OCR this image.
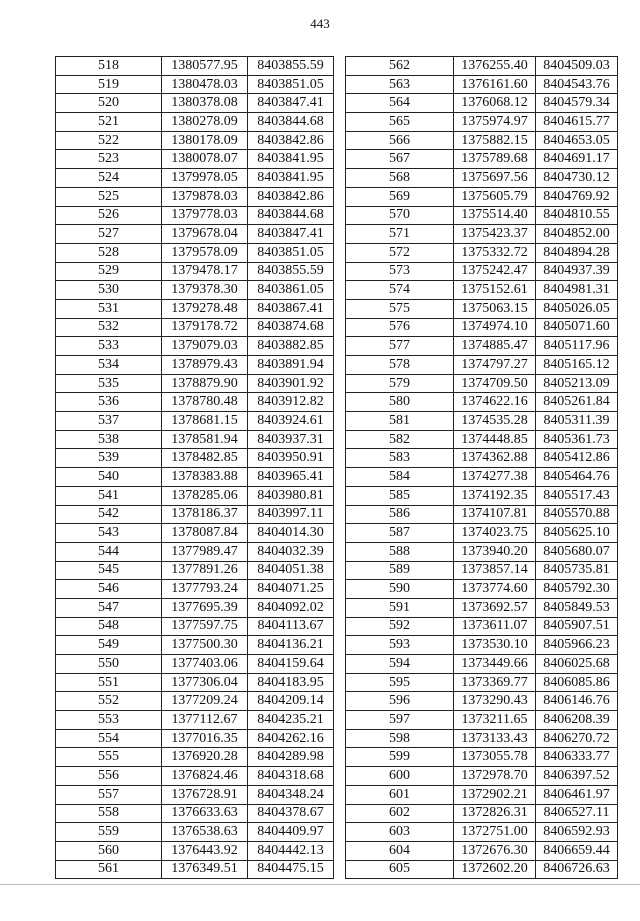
443
518	1380577.95	8403855.59
519	1380478.03	8403851.05
520	1380378.08	8403847.41
521	1380278.09	8403844.68
522	1380178.09	8403842.86
523	1380078.07	8403841.95
524	1379978.05	8403841.95
525	1379878.03	8403842.86
526	1379778.03	8403844.68
527	1379678.04	8403847.41
528	1379578.09	8403851.05
529	1379478.17	8403855.59
530	1379378.30	8403861.05
531	1379278.48	8403867.41
532	1379178.72	8403874.68
533	1379079.03	8403882.85
534	1378979.43	8403891.94
535	1378879.90	8403901.92
536	1378780.48	8403912.82
537	1378681.15	8403924.61
538	1378581.94	8403937.31
539	1378482.85	8403950.91
540	1378383.88	8403965.41
541	1378285.06	8403980.81
542	1378186.37	8403997.11
543	1378087.84	8404014.30
544	1377989.47	8404032.39
545	1377891.26	8404051.38
546	1377793.24	8404071.25
547	1377695.39	8404092.02
548	1377597.75	8404113.67
549	1377500.30	8404136.21
550	1377403.06	8404159.64
551	1377306.04	8404183.95
552	1377209.24	8404209.14
553	1377112.67	8404235.21
554	1377016.35	8404262.16
555	1376920.28	8404289.98
556	1376824.46	8404318.68
557	1376728.91	8404348.24
558	1376633.63	8404378.67
559	1376538.63	8404409.97
560	1376443.92	8404442.13
561	1376349.51	8404475.15
562	1376255.40	8404509.03
563	1376161.60	8404543.76
564	1376068.12	8404579.34
565	1375974.97	8404615.77
566	1375882.15	8404653.05
567	1375789.68	8404691.17
568	1375697.56	8404730.12
569	1375605.79	8404769.92
570	1375514.40	8404810.55
571	1375423.37	8404852.00
572	1375332.72	8404894.28
573	1375242.47	8404937.39
574	1375152.61	8404981.31
575	1375063.15	8405026.05
576	1374974.10	8405071.60
577	1374885.47	8405117.96
578	1374797.27	8405165.12
579	1374709.50	8405213.09
580	1374622.16	8405261.84
581	1374535.28	8405311.39
582	1374448.85	8405361.73
583	1374362.88	8405412.86
584	1374277.38	8405464.76
585	1374192.35	8405517.43
586	1374107.81	8405570.88
587	1374023.75	8405625.10
588	1373940.20	8405680.07
589	1373857.14	8405735.81
590	1373774.60	8405792.30
591	1373692.57	8405849.53
592	1373611.07	8405907.51
593	1373530.10	8405966.23
594	1373449.66	8406025.68
595	1373369.77	8406085.86
596	1373290.43	8406146.76
597	1373211.65	8406208.39
598	1373133.43	8406270.72
599	1373055.78	8406333.77
600	1372978.70	8406397.52
601	1372902.21	8406461.97
602	1372826.31	8406527.11
603	1372751.00	8406592.93
604	1372676.30	8406659.44
605	1372602.20	8406726.63
